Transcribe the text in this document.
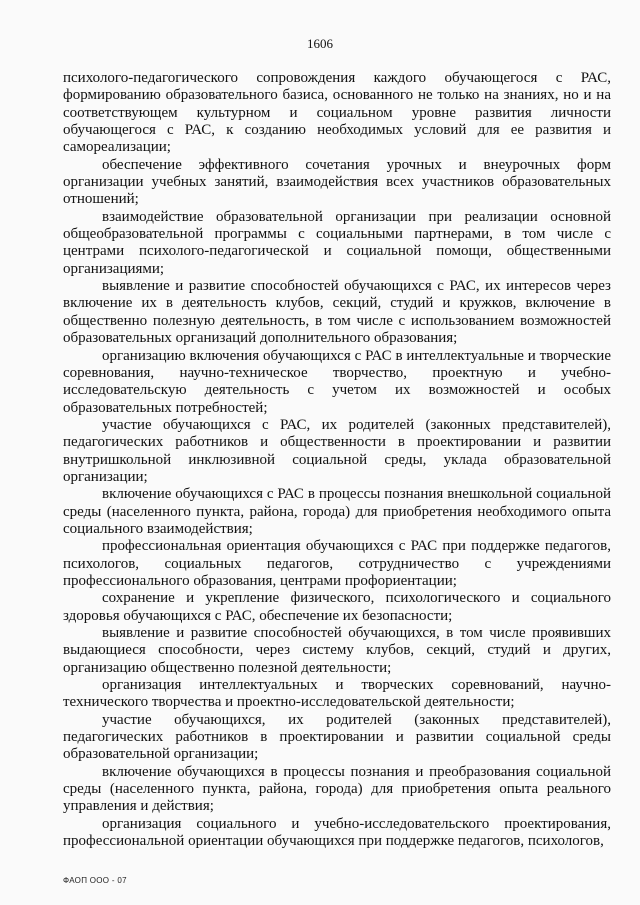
1606

психолого-педагогического сопровождения каждого обучающегося с РАС, формированию образовательного базиса, основанного не только на знаниях, но и на соответствующем культурном и социальном уровне развития личности обучающегося с РАС, к созданию необходимых условий для ее развития и самореализации;

обеспечение эффективного сочетания урочных и внеурочных форм организации учебных занятий, взаимодействия всех участников образовательных отношений;

взаимодействие образовательной организации при реализации основной общеобразовательной программы с социальными партнерами, в том числе с центрами психолого-педагогической и социальной помощи, общественными организациями;

выявление и развитие способностей обучающихся с РАС, их интересов через включение их в деятельность клубов, секций, студий и кружков, включение в общественно полезную деятельность, в том числе с использованием возможностей образовательных организаций дополнительного образования;

организацию включения обучающихся с РАС в интеллектуальные и творческие соревнования, научно-техническое творчество, проектную и учебно-исследовательскую деятельность с учетом их возможностей и особых образовательных потребностей;

участие обучающихся с РАС, их родителей (законных представителей), педагогических работников и общественности в проектировании и развитии внутришкольной инклюзивной социальной среды, уклада образовательной организации;

включение обучающихся с РАС в процессы познания внешкольной социальной среды (населенного пункта, района, города) для приобретения необходимого опыта социального взаимодействия;

профессиональная ориентация обучающихся с РАС при поддержке педагогов, психологов, социальных педагогов, сотрудничество с учреждениями профессионального образования, центрами профориентации;

сохранение и укрепление физического, психологического и социального здоровья обучающихся с РАС, обеспечение их безопасности;

выявление и развитие способностей обучающихся, в том числе проявивших выдающиеся способности, через систему клубов, секций, студий и других, организацию общественно полезной деятельности;

организация интеллектуальных и творческих соревнований, научно-технического творчества и проектно-исследовательской деятельности;

участие обучающихся, их родителей (законных представителей), педагогических работников в проектировании и развитии социальной среды образовательной организации;

включение обучающихся в процессы познания и преобразования социальной среды (населенного пункта, района, города) для приобретения опыта реального управления и действия;

организация социального и учебно-исследовательского проектирования, профессиональной ориентации обучающихся при поддержке педагогов, психологов,

ФАОП ООО - 07
